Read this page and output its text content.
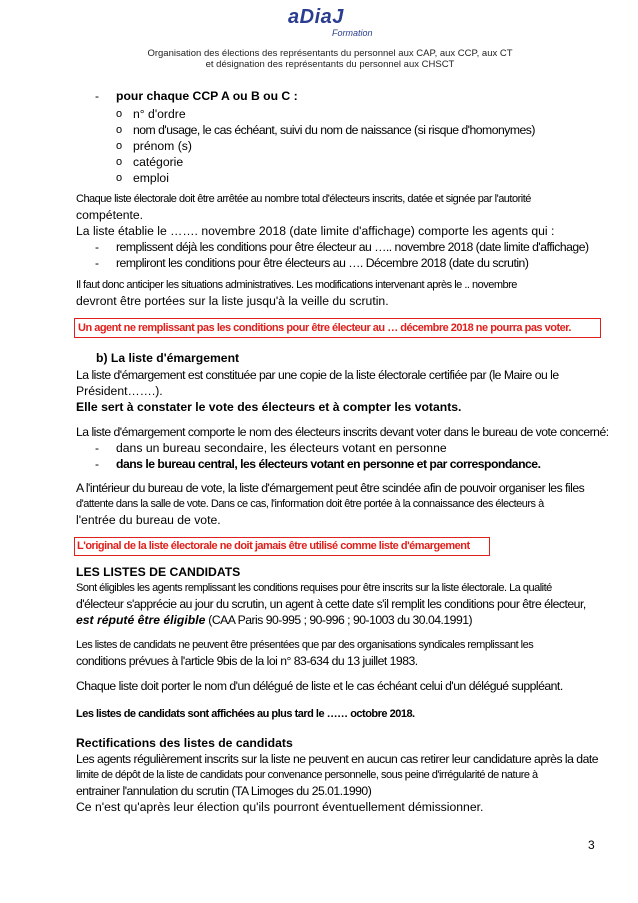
aDiaJ
Formation
Organisation des élections des représentants du personnel aux CAP, aux CCP, aux CT
et désignation des représentants du personnel aux CHSCT
- pour chaque CCP A ou B ou C :
o n° d'ordre
o nom d'usage, le cas échéant, suivi du nom de naissance (si risque d'homonymes)
o prénom (s)
o catégorie
o emploi
Chaque liste électorale doit être arrêtée au nombre total d'électeurs inscrits, datée et signée par l'autorité
compétente.
La liste établie le ……. novembre 2018 (date limite d'affichage) comporte les agents qui :
- remplissent déjà les conditions pour être électeur au ….. novembre 2018 (date limite d'affichage)
- rempliront les conditions pour être électeurs au …. Décembre 2018 (date du scrutin)
Il faut donc anticiper les situations administratives. Les modifications intervenant après le .. novembre
devront être portées sur la liste jusqu'à la veille du scrutin.
Un agent ne remplissant pas les conditions pour être électeur au … décembre 2018 ne pourra pas voter.
b) La liste d'émargement
La liste d'émargement est constituée par une copie de la liste électorale certifiée par (le Maire ou le
Président…….).
Elle sert à constater le vote des électeurs et à compter les votants.
La liste d'émargement comporte le nom des électeurs inscrits devant voter dans le bureau de vote concerné:
- dans un bureau secondaire, les électeurs votant en personne
- dans le bureau central, les électeurs votant en personne et par correspondance.
A l'intérieur du bureau de vote, la liste d'émargement peut être scindée afin de pouvoir organiser les files
d'attente dans la salle de vote. Dans ce cas, l'information doit être portée à la connaissance des électeurs à
l'entrée du bureau de vote.
L'original de la liste électorale ne doit jamais être utilisé comme liste d'émargement
LES LISTES DE CANDIDATS
Sont éligibles les agents remplissant les conditions requises pour être inscrits sur la liste électorale. La qualité
d'électeur s'apprécie au jour du scrutin, un agent à cette date s'il remplit les conditions pour être électeur,
est réputé être éligible (CAA Paris 90-995 ; 90-996 ; 90-1003 du 30.04.1991)
Les listes de candidats ne peuvent être présentées que par des organisations syndicales remplissant les
conditions prévues à l'article 9bis de la loi n° 83-634 du 13 juillet 1983.
Chaque liste doit porter le nom d'un délégué de liste et le cas échéant celui d'un délégué suppléant.
Les listes de candidats sont affichées au plus tard le …… octobre 2018.
Rectifications des listes de candidats
Les agents régulièrement inscrits sur la liste ne peuvent en aucun cas retirer leur candidature après la date
limite de dépôt de la liste de candidats pour convenance personnelle, sous peine d'irrégularité de nature à
entrainer l'annulation du scrutin (TA Limoges du 25.01.1990)
Ce n'est qu'après leur élection qu'ils pourront éventuellement démissionner.
3
